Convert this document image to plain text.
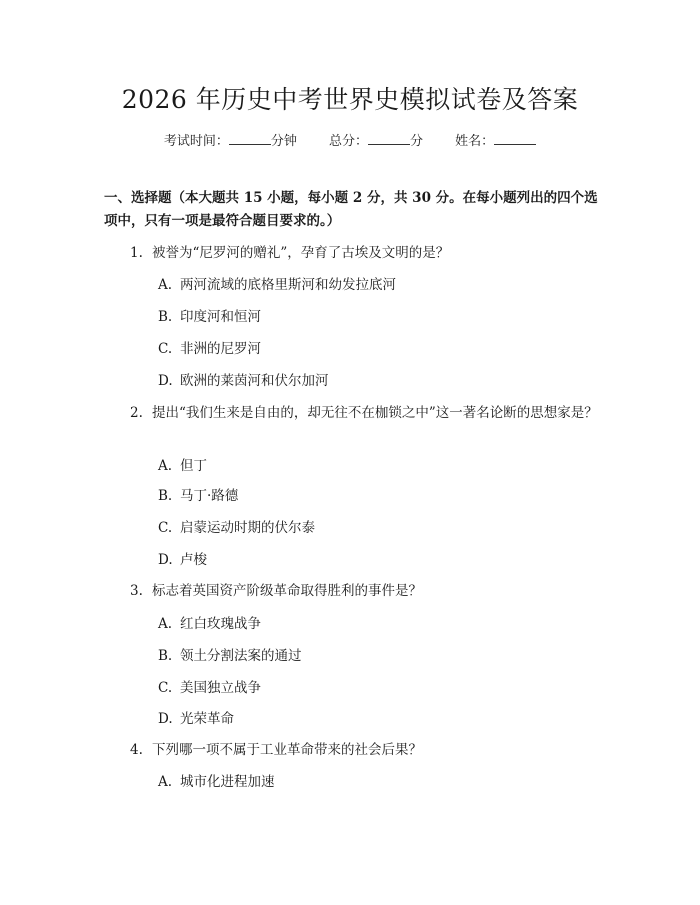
2026 年历史中考世界史模拟试卷及答案
考试时间：	分钟 总分：	分 姓名：
一、选择题（本大题共 15 小题，每小题 2 分，共 30 分。在每小题列出的四个选项中，只有一项是最符合题目要求的。）
1. 被誉为“尼罗河的赠礼”，孕育了古埃及文明的是？
A. 两河流域的底格里斯河和幼发拉底河
B. 印度河和恒河
C. 非洲的尼罗河
D. 欧洲的莱茵河和伏尔加河
2. 提出“我们生来是自由的，却无往不在枷锁之中”这一著名论断的思想家是？
A. 但丁
B. 马丁·路德
C. 启蒙运动时期的伏尔泰
D. 卢梭
3. 标志着英国资产阶级革命取得胜利的事件是？
A. 红白玫瑰战争
B. 领土分割法案的通过
C. 美国独立战争
D. 光荣革命
4. 下列哪一项不属于工业革命带来的社会后果？
A. 城市化进程加速
